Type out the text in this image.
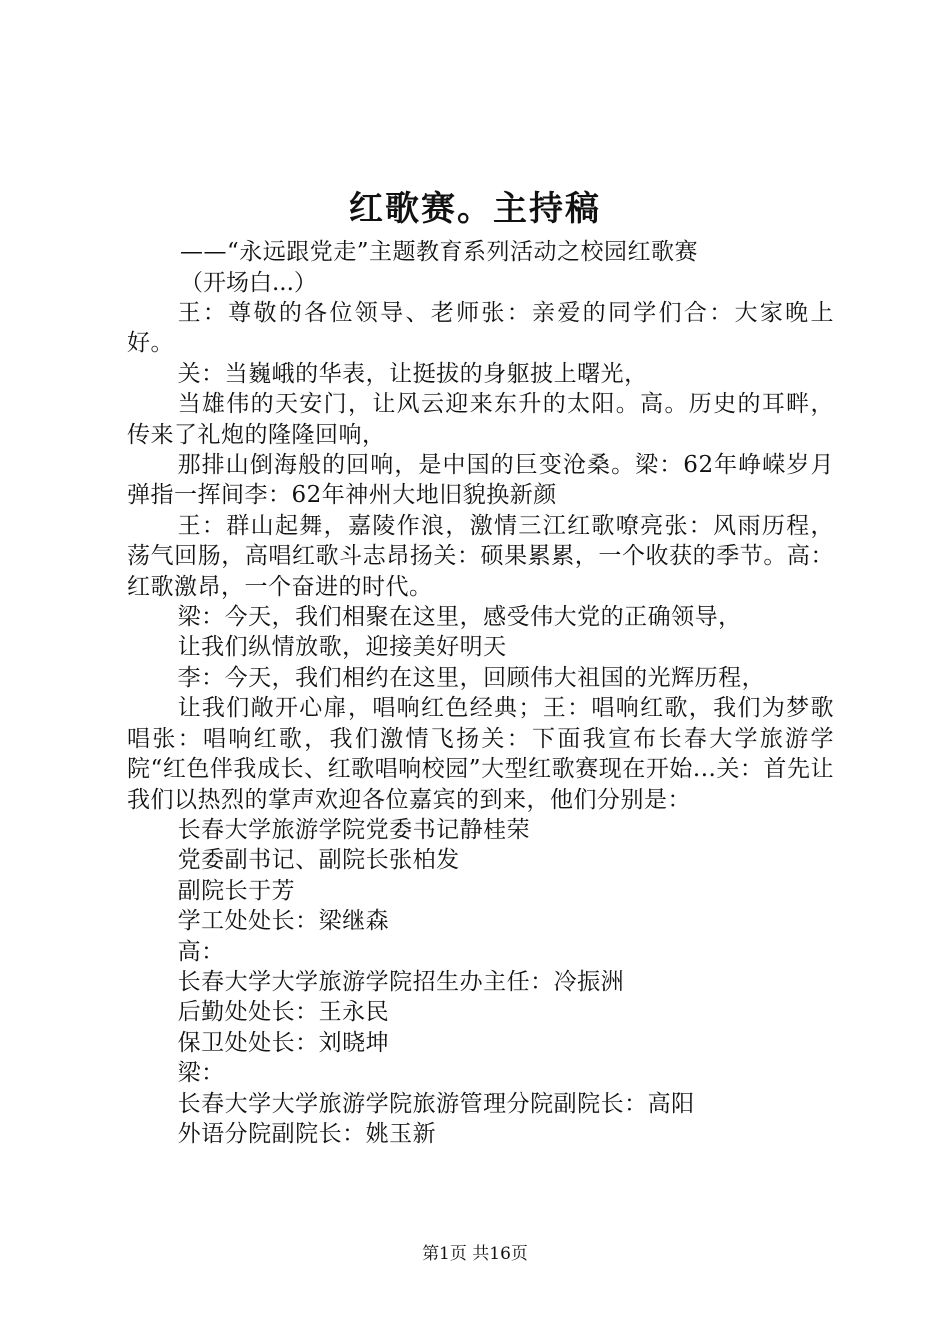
红歌赛。主持稿
——“永远跟党走”主题教育系列活动之校园红歌赛
（开场白...）

王：尊敬的各位领导、老师张：亲爱的同学们合：大家晚上好。

关：当巍峨的华表，让挺拔的身躯披上曙光，

当雄伟的天安门，让风云迎来东升的太阳。高。历史的耳畔，传来了礼炮的隆隆回响，

那排山倒海般的回响，是中国的巨变沧桑。梁：62年峥嵘岁月弹指一挥间李：62年神州大地旧貌换新颜

王：群山起舞，嘉陵作浪，激情三江红歌嘹亮张：风雨历程，荡气回肠，高唱红歌斗志昂扬关：硕果累累，一个收获的季节。高：红歌激昂，一个奋进的时代。

梁：今天，我们相聚在这里，感受伟大党的正确领导，

让我们纵情放歌，迎接美好明天

李：今天，我们相约在这里，回顾伟大祖国的光辉历程，

让我们敞开心扉，唱响红色经典；王：唱响红歌，我们为梦歌唱张：唱响红歌，我们激情飞扬关：下面我宣布长春大学旅游学院“红色伴我成长、红歌唱响校园”大型红歌赛现在开始...关：首先让我们以热烈的掌声欢迎各位嘉宾的到来，他们分别是：

长春大学旅游学院党委书记静桂荣

党委副书记、副院长张柏发

副院长于芳

学工处处长：梁继森

高：

长春大学大学旅游学院招生办主任：冷振洲

后勤处处长：王永民

保卫处处长：刘晓坤

梁：

长春大学大学旅游学院旅游管理分院副院长：高阳

外语分院副院长：姚玉新

第1页 共16页
